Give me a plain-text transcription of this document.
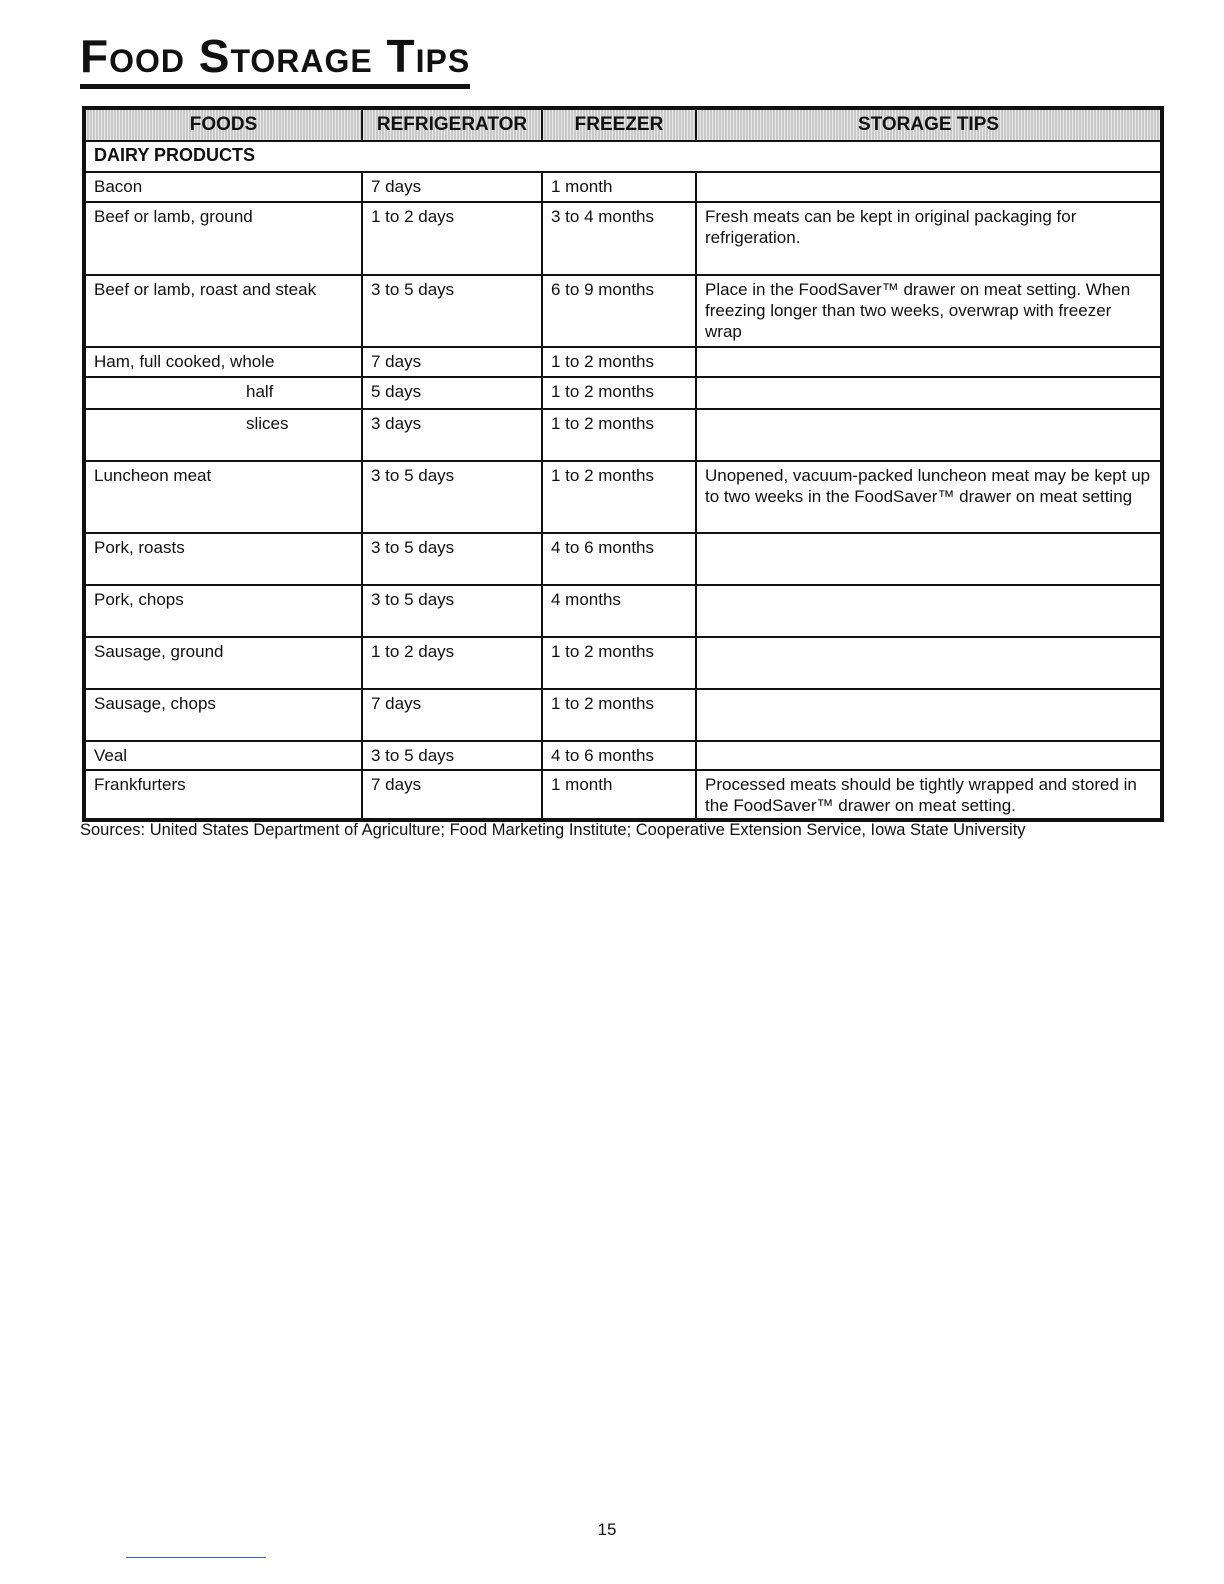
Food Storage Tips
FOODS	REFRIGERATOR	FREEZER	STORAGE TIPS
DAIRY PRODUCTS			
Bacon	7 days	1 month	
Beef or lamb, ground	1 to 2 days	3 to 4 months	Fresh meats can be kept in original packaging for refrigeration.
Beef or lamb, roast and steak	3 to 5 days	6 to 9 months	Place in the FoodSaver™ drawer on meat setting. When freezing longer than two weeks, overwrap with freezer wrap
Ham, full cooked, whole	7 days	1 to 2 months	
half	5 days	1 to 2 months	
slices	3 days	1 to 2 months	
Luncheon meat	3 to 5 days	1 to 2 months	Unopened, vacuum-packed luncheon meat may be kept up to two weeks in the FoodSaver™ drawer on meat setting
Pork, roasts	3 to 5 days	4 to 6 months	
Pork, chops	3 to 5 days	4 months	
Sausage, ground	1 to 2 days	1 to 2 months	
Sausage, chops	7 days	1 to 2 months	
Veal	3 to 5 days	4 to 6 months	
Frankfurters	7 days	1 month	Processed meats should be tightly wrapped and stored in the FoodSaver™ drawer on meat setting.
Sources: United States Department of Agriculture; Food Marketing Institute; Cooperative Extension Service, Iowa State University
15
